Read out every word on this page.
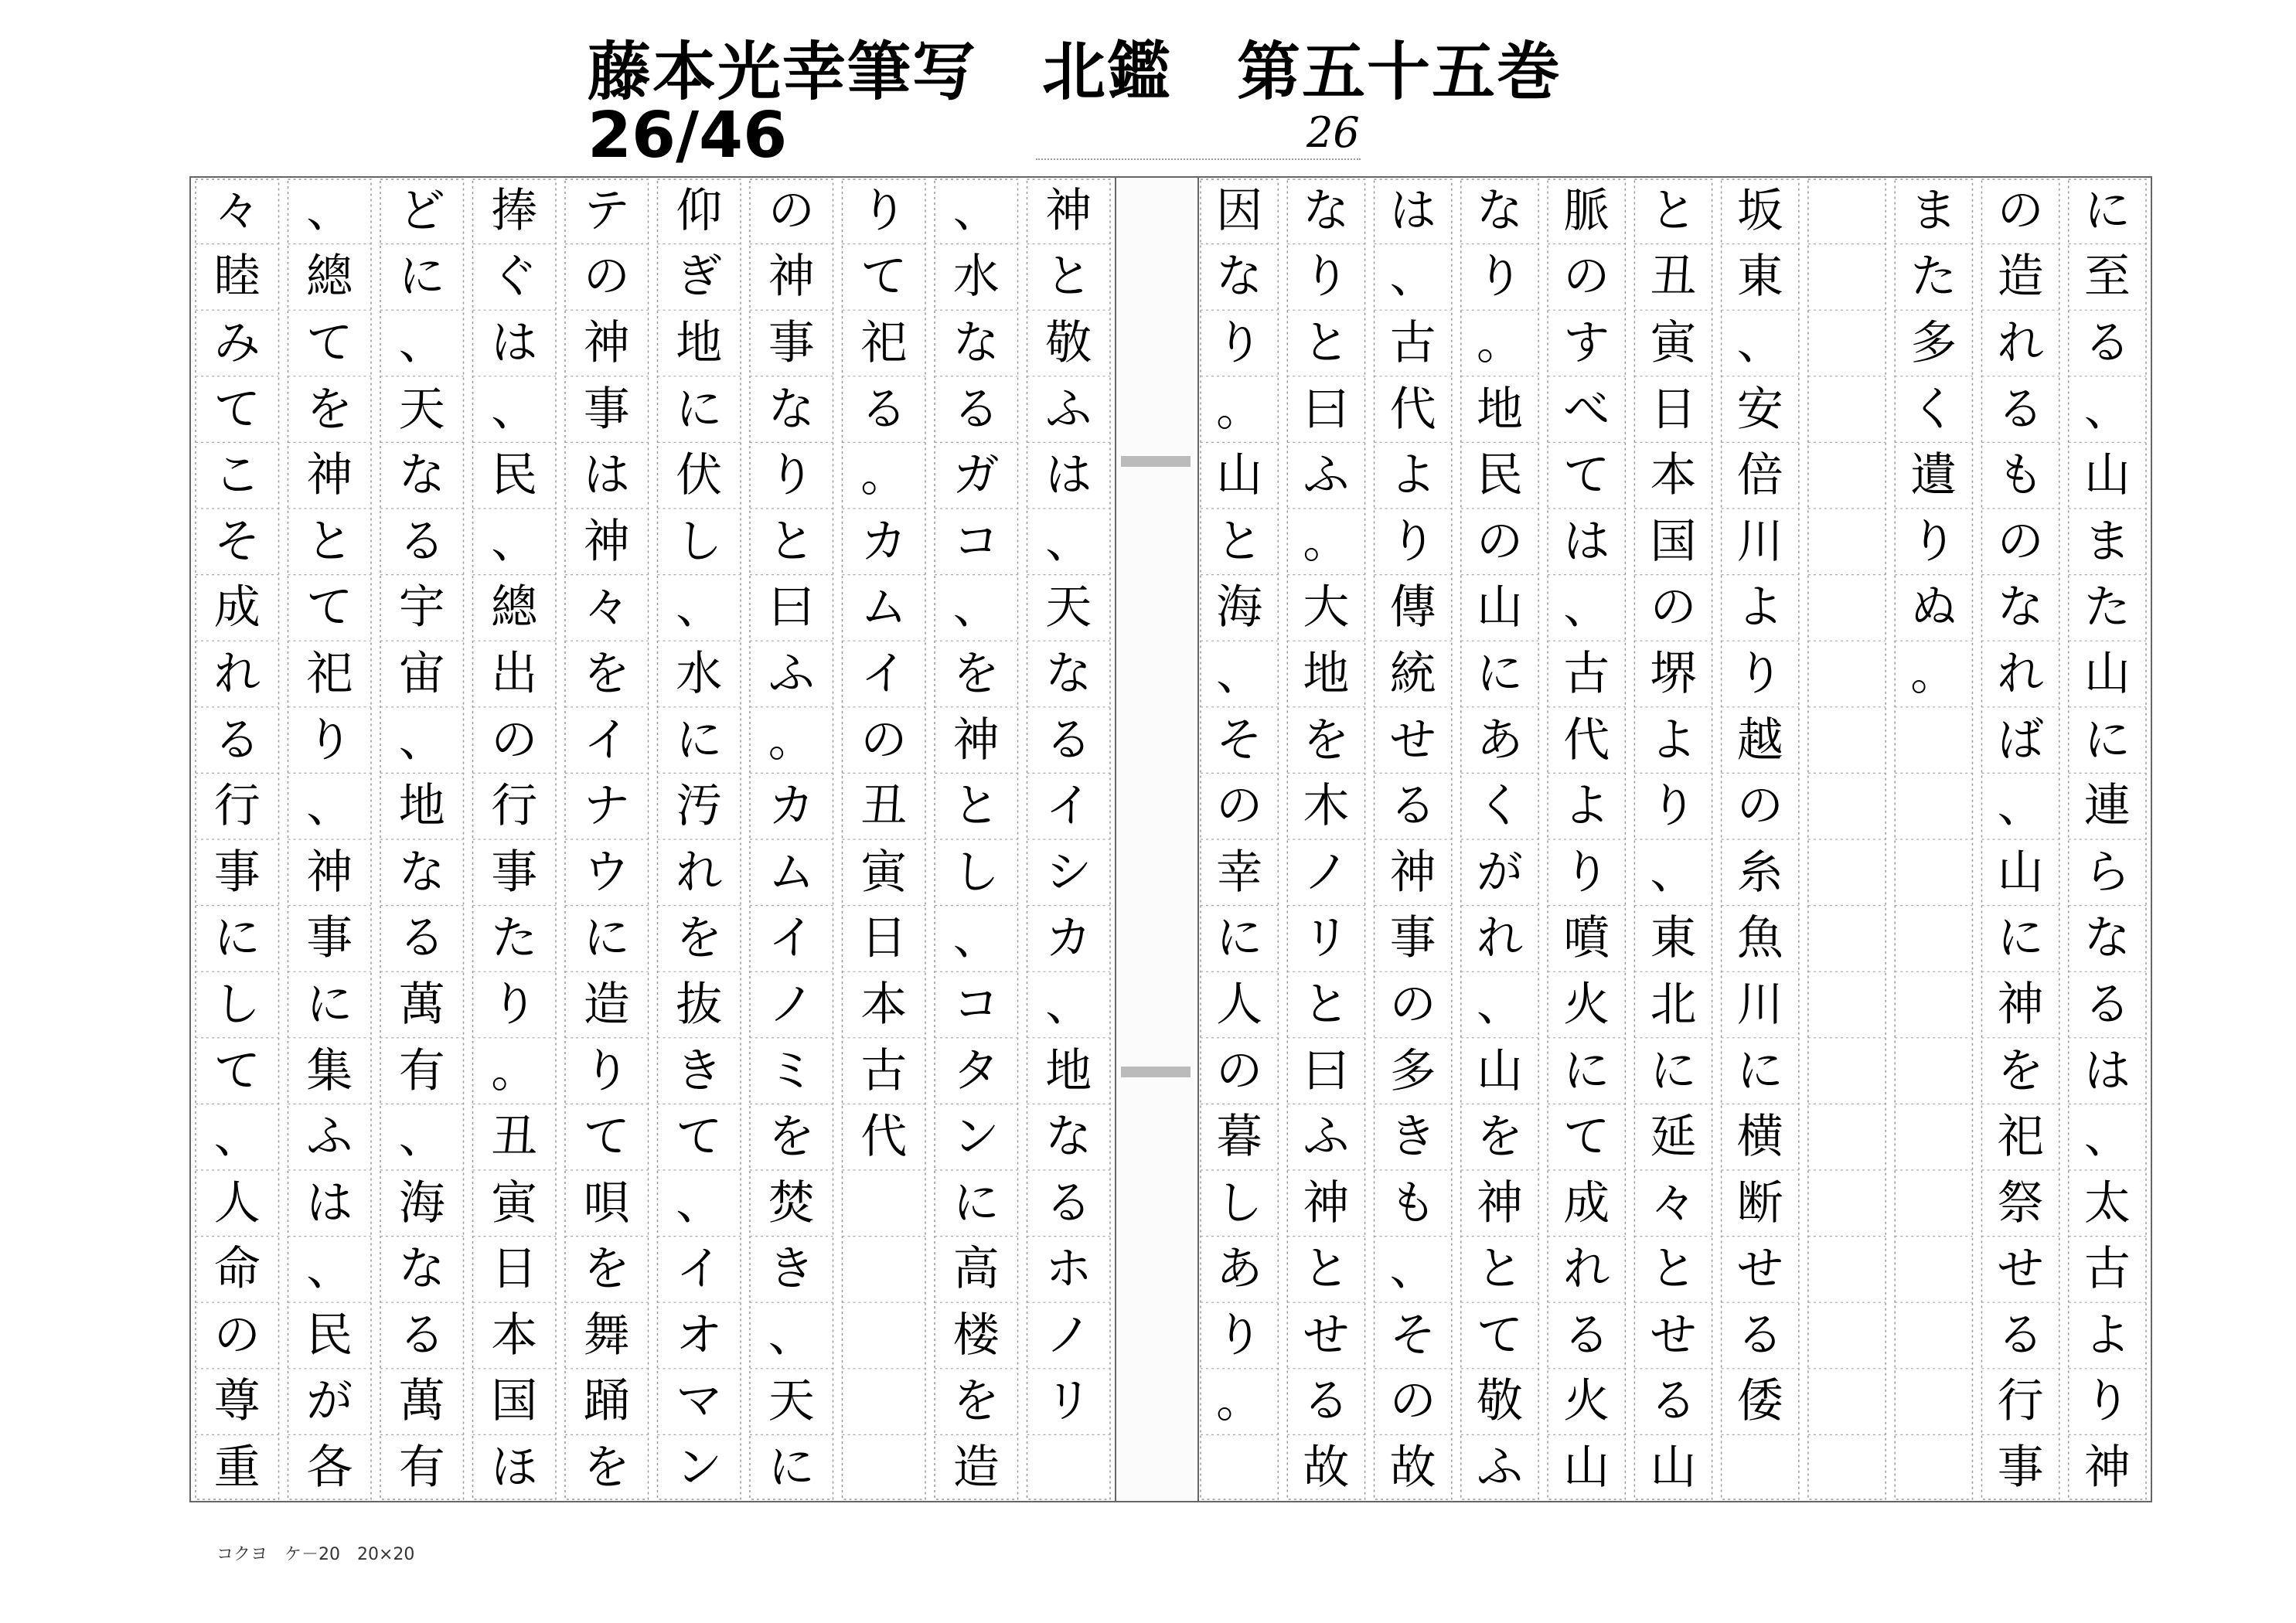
藤本光幸筆写　北鑑　第五十五巻
26/46	26
に
至
る
、
山
ま
た
山
に
連
ら
な
る
は
、
太
古
よ
り
神
の
造
れ
る
も
の
な
れ
ば
、
山
に
神
を
祀
祭
せ
る
行
事
ま
た
多
く
遺
り
ぬ
。
坂
東
、
安
倍
川
よ
り
越
の
糸
魚
川
に
横
断
せ
る
倭
と
丑
寅
日
本
国
の
堺
よ
り
、
東
北
に
延
々
と
せ
る
山
脈
の
す
べ
て
は
、
古
代
よ
り
噴
火
に
て
成
れ
る
火
山
な
り
。
地
民
の
山
に
あ
く
が
れ
、
山
を
神
と
て
敬
ふ
は
、
古
代
よ
り
傳
統
せ
る
神
事
の
多
き
も
、
そ
の
故
な
り
と
曰
ふ
。
大
地
を
木
ノ
リ
と
曰
ふ
神
と
せ
る
故
因
な
り
。
山
と
海
、
そ
の
幸
に
人
の
暮
し
あ
り
。
神
と
敬
ふ
は
、
天
な
る
イ
シ
カ
、
地
な
る
ホ
ノ
リ
、
水
な
る
ガ
コ
、
を
神
と
し
、
コ
タ
ン
に
高
楼
を
造
り
て
祀
る
。
カ
ム
イ
の
丑
寅
日
本
古
代
の
神
事
な
り
と
曰
ふ
。
カ
ム
イ
ノ
ミ
を
焚
き
、
天
に
仰
ぎ
地
に
伏
し
、
水
に
汚
れ
を
抜
き
て
、
イ
オ
マ
ン
テ
の
神
事
は
神
々
を
イ
ナ
ウ
に
造
り
て
唄
を
舞
踊
を
捧
ぐ
は
、
民
、
總
出
の
行
事
た
り
。
丑
寅
日
本
国
ほ
ど
に
、
天
な
る
宇
宙
、
地
な
る
萬
有
、
海
な
る
萬
有
、
總
て
を
神
と
て
祀
り
、
神
事
に
集
ふ
は
、
民
が
各
々
睦
み
て
こ
そ
成
れ
る
行
事
に
し
て
、
人
命
の
尊
重
コクヨ　ケ－20　20×20
